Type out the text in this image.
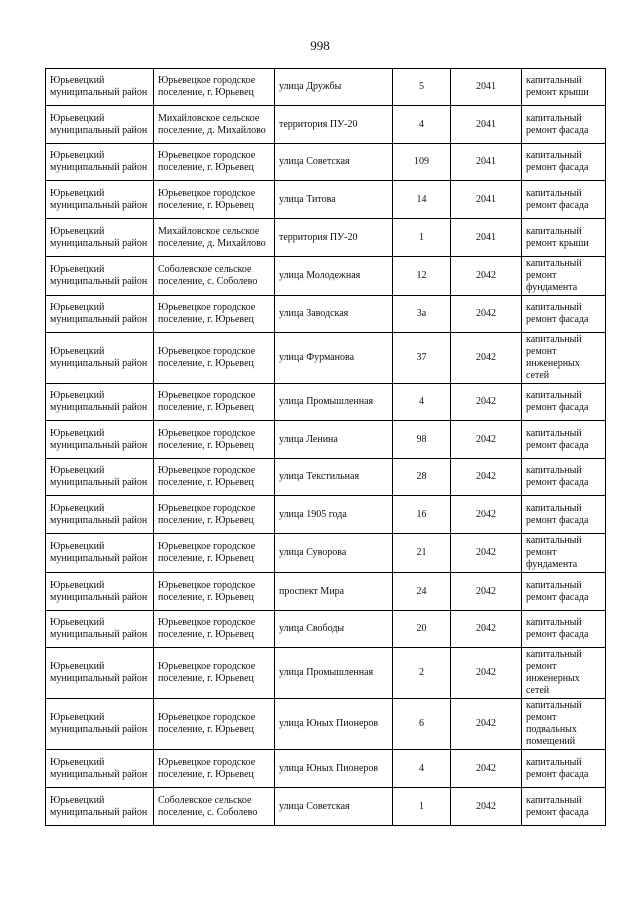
998
Юрьевецкий муниципальный район	Юрьевецкое городское поселение, г. Юрьевец	улица Дружбы	5	2041	капитальный ремонт крыши
Юрьевецкий муниципальный район	Михайловское сельское поселение, д. Михайлово	территория ПУ-20	4	2041	капитальный ремонт фасада
Юрьевецкий муниципальный район	Юрьевецкое городское поселение, г. Юрьевец	улица Советская	109	2041	капитальный ремонт фасада
Юрьевецкий муниципальный район	Юрьевецкое городское поселение, г. Юрьевец	улица Титова	14	2041	капитальный ремонт фасада
Юрьевецкий муниципальный район	Михайловское сельское поселение, д. Михайлово	территория ПУ-20	1	2041	капитальный ремонт крыши
Юрьевецкий муниципальный район	Соболевское сельское поселение, с. Соболево	улица Молодежная	12	2042	капитальный ремонт фундамента
Юрьевецкий муниципальный район	Юрьевецкое городское поселение, г. Юрьевец	улица Заводская	3а	2042	капитальный ремонт фасада
Юрьевецкий муниципальный район	Юрьевецкое городское поселение, г. Юрьевец	улица Фурманова	37	2042	капитальный ремонт инженерных сетей
Юрьевецкий муниципальный район	Юрьевецкое городское поселение, г. Юрьевец	улица Промышленная	4	2042	капитальный ремонт фасада
Юрьевецкий муниципальный район	Юрьевецкое городское поселение, г. Юрьевец	улица Ленина	98	2042	капитальный ремонт фасада
Юрьевецкий муниципальный район	Юрьевецкое городское поселение, г. Юрьевец	улица Текстильная	28	2042	капитальный ремонт фасада
Юрьевецкий муниципальный район	Юрьевецкое городское поселение, г. Юрьевец	улица 1905 года	16	2042	капитальный ремонт фасада
Юрьевецкий муниципальный район	Юрьевецкое городское поселение, г. Юрьевец	улица Суворова	21	2042	капитальный ремонт фундамента
Юрьевецкий муниципальный район	Юрьевецкое городское поселение, г. Юрьевец	проспект Мира	24	2042	капитальный ремонт фасада
Юрьевецкий муниципальный район	Юрьевецкое городское поселение, г. Юрьевец	улица Свободы	20	2042	капитальный ремонт фасада
Юрьевецкий муниципальный район	Юрьевецкое городское поселение, г. Юрьевец	улица Промышленная	2	2042	капитальный ремонт инженерных сетей
Юрьевецкий муниципальный район	Юрьевецкое городское поселение, г. Юрьевец	улица Юных Пионеров	6	2042	капитальный ремонт подвальных помещений
Юрьевецкий муниципальный район	Юрьевецкое городское поселение, г. Юрьевец	улица Юных Пионеров	4	2042	капитальный ремонт фасада
Юрьевецкий муниципальный район	Соболевское сельское поселение, с. Соболево	улица Советская	1	2042	капитальный ремонт фасада
